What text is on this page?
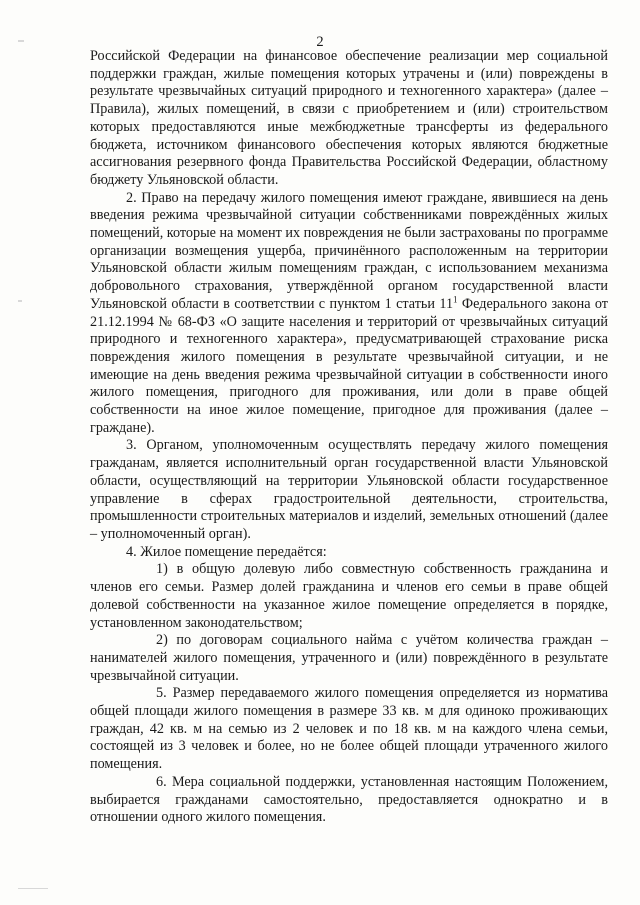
2

Российской Федерации на финансовое обеспечение реализации мер социальной поддержки граждан, жилые помещения которых утрачены и (или) повреждены в результате чрезвычайных ситуаций природного и техногенного характера» (далее – Правила), жилых помещений, в связи с приобретением и (или) строительством которых предоставляются иные межбюджетные трансферты из федерального бюджета, источником финансового обеспечения которых являются бюджетные ассигнования резервного фонда Правительства Российской Федерации, областному бюджету Ульяновской области.

2. Право на передачу жилого помещения имеют граждане, явившиеся на день введения режима чрезвычайной ситуации собственниками повреждённых жилых помещений, которые на момент их повреждения не были застрахованы по программе организации возмещения ущерба, причинённого расположенным на территории Ульяновской области жилым помещениям граждан, с использованием механизма добровольного страхования, утверждённой органом государственной власти Ульяновской области в соответствии с пунктом 1 статьи $11^1$ Федерального закона от 21.12.1994 № 68-ФЗ «О защите населения и территорий от чрезвычайных ситуаций природного и техногенного характера», предусматривающей страхование риска повреждения жилого помещения в результате чрезвычайной ситуации, и не имеющие на день введения режима чрезвычайной ситуации в собственности иного жилого помещения, пригодного для проживания, или доли в праве общей собственности на иное жилое помещение, пригодное для проживания (далее – граждане).

3. Органом, уполномоченным осуществлять передачу жилого помещения гражданам, является исполнительный орган государственной власти Ульяновской области, осуществляющий на территории Ульяновской области государственное управление в сферах градостроительной деятельности, строительства, промышленности строительных материалов и изделий, земельных отношений (далее – уполномоченный орган).

4. Жилое помещение передаётся:

1) в общую долевую либо совместную собственность гражданина и членов его семьи. Размер долей гражданина и членов его семьи в праве общей долевой собственности на указанное жилое помещение определяется в порядке, установленном законодательством;

2) по договорам социального найма с учётом количества граждан – нанимателей жилого помещения, утраченного и (или) повреждённого в результате чрезвычайной ситуации.

5. Размер передаваемого жилого помещения определяется из норматива общей площади жилого помещения в размере 33 кв. м для одиноко проживающих граждан, 42 кв. м на семью из 2 человек и по 18 кв. м на каждого члена семьи, состоящей из 3 человек и более, но не более общей площади утраченного жилого помещения.

6. Мера социальной поддержки, установленная настоящим Положением, выбирается гражданами самостоятельно, предоставляется однократно и в отношении одного жилого помещения.
